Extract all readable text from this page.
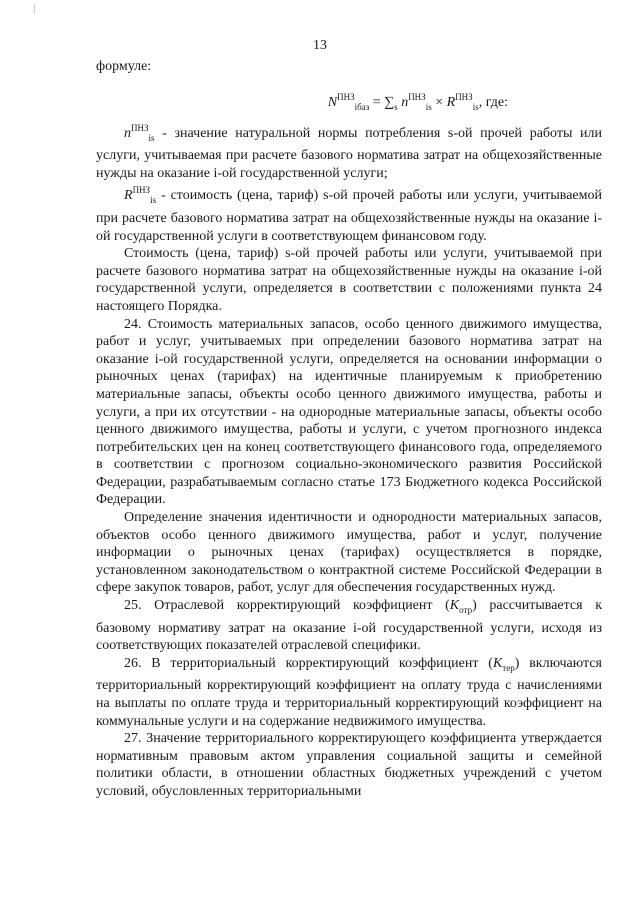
13

формуле:

$N^{ПНЗ}_{iбаз} = \sum_s$ $n^{ПНЗ}_{is} \times R^{ПНЗ}_{is}$, где:

$n^{ПНЗ}_{is}$ - значение натуральной нормы потребления s-ой прочей работы или услуги, учитываемая при расчете базового норматива затрат на общехозяйственные нужды на оказание i-ой государственной услуги;

$R^{ПНЗ}_{is}$ - стоимость (цена, тариф) s-ой прочей работы или услуги, учитываемой при расчете базового норматива затрат на общехозяйственные нужды на оказание i-ой государственной услуги в соответствующем финансовом году.

Стоимость (цена, тариф) s-ой прочей работы или услуги, учитываемой при расчете базового норматива затрат на общехозяйственные нужды на оказание i-ой государственной услуги, определяется в соответствии с положениями пункта 24 настоящего Порядка.

24. Стоимость материальных запасов, особо ценного движимого имущества, работ и услуг, учитываемых при определении базового норматива затрат на оказание i-ой государственной услуги, определяется на основании информации о рыночных ценах (тарифах) на идентичные планируемым к приобретению материальные запасы, объекты особо ценного движимого имущества, работы и услуги, а при их отсутствии - на однородные материальные запасы, объекты особо ценного движимого имущества, работы и услуги, с учетом прогнозного индекса потребительских цен на конец соответствующего финансового года, определяемого в соответствии с прогнозом социально-экономического развития Российской Федерации, разрабатываемым согласно статье 173 Бюджетного кодекса Российской Федерации.

Определение значения идентичности и однородности материальных запасов, объектов особо ценного движимого имущества, работ и услуг, получение информации о рыночных ценах (тарифах) осуществляется в порядке, установленном законодательством о контрактной системе Российской Федерации в сфере закупок товаров, работ, услуг для обеспечения государственных нужд.

25. Отраслевой корректирующий коэффициент $(K_{отр})$ рассчитывается к базовому нормативу затрат на оказание i-ой государственной услуги, исходя из соответствующих показателей отраслевой специфики.

26. В территориальный корректирующий коэффициент $(K_{тер})$ включаются территориальный корректирующий коэффициент на оплату труда с начислениями на выплаты по оплате труда и территориальный корректирующий коэффициент на коммунальные услуги и на содержание недвижимого имущества.

27. Значение территориального корректирующего коэффициента утверждается нормативным правовым актом управления социальной защиты и семейной политики области, в отношении областных бюджетных учреждений с учетом условий, обусловленных территориальными
